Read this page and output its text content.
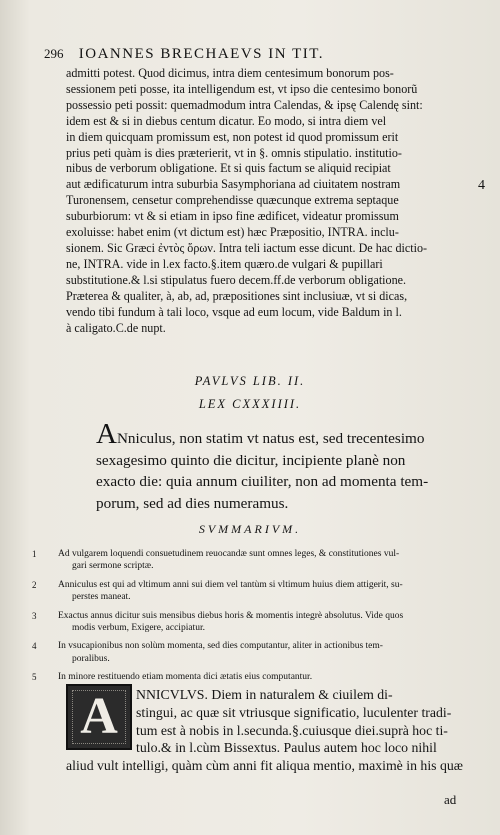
296 IOANNES BRECHAEVS IN TIT.
admitti potest. Quod dicimus, intra diem centesimum bonorum pos-
sessionem peti posse, ita intelligendum est, vt ipso die centesimo bonorũ
possessio peti possit: quemadmodum intra Calendas, & ipsę Calendę sint:
idem est & si in diebus centum dicatur. Eo modo, si intra diem vel
in diem quicquam promissum est, non potest id quod promissum erit
prius peti quàm is dies præterierit, vt in §. omnis stipulatio. institutio-
nibus de verborum obligatione. Et si quis factum se aliquid recipiat
aut ædificaturum intra suburbia Sasymphoriana ad ciuitatem nostram
Turonensem, censetur comprehendisse quæcunque extrema septaque
suburbiorum: vt & si etiam in ipso fine ædificet, videatur promissum
exoluisse: habet enim (vt dictum est) hæc Præpositio, INTRA. inclu-
sionem. Sic Græci ἐντὸς ὅρων. Intra teli iactum esse dicunt. De hac dictio-
ne, INTRA. vide in l.ex facto.§.item quæro.de vulgari & pupillari
substitutione.& l.si stipulatus fuero decem.ff.de verborum obligatione.
Præterea & qualiter, à, ab, ad, præpositiones sint inclusiuæ, vt si dicas,
vendo tibi fundum à tali loco, vsque ad eum locum, vide Baldum in l.
à caligato.C.de nupt.
4
PAVLVS LIB. II.
LEX CXXXIIII.
ANniculus, non statim vt natus est, sed trecentesimo
sexagesimo quinto die dicitur, incipiente planè non
exacto die: quia annum ciuiliter, non ad momenta tem-
porum, sed ad dies numeramus.
SVMMARIVM.
1 Ad vulgarem loquendi consuetudinem reuocandæ sunt omnes leges, & constitutiones vul-
gari sermone scriptæ.
2 Anniculus est qui ad vltimum anni sui diem vel tantùm si vltimum huius diem attigerit, su-
perstes maneat.
3 Exactus annus dicitur suis mensibus diebus horis & momentis integrè absolutus. Vide quos
modis verbum, Exigere, accipiatur.
4 In vsucapionibus non solùm momenta, sed dies computantur, aliter in actionibus tem-
poralibus.
5 In minore restituendo etiam momenta dici ætatis eius computantur.
A NNICVLVS. Diem in naturalem & ciuilem di-
stingui, ac quæ sit vtriusque significatio, luculenter tradi-
tum est à nobis in l.secunda.§.cuiusque diei.suprà hoc ti-
tulo.& in l.cùm Bissextus. Paulus autem hoc loco nihil
aliud vult intelligi, quàm cùm anni fit aliqua mentio, maximè in his quæ
ad
